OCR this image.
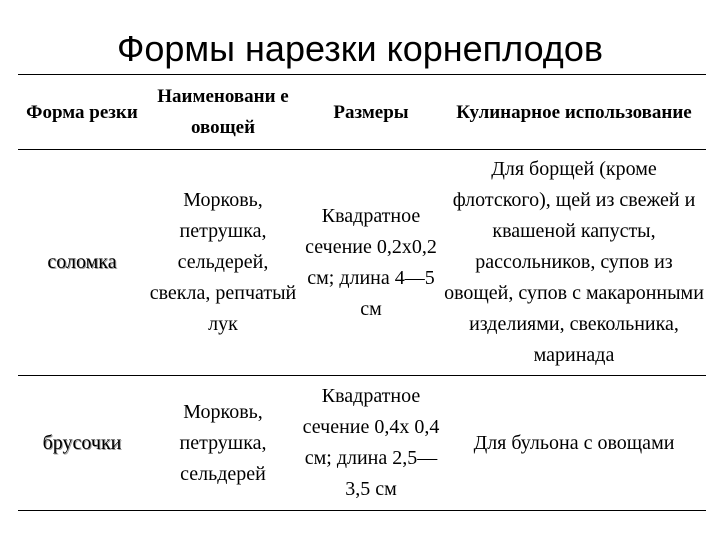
Формы нарезки корнеплодов
Форма резки	Наименовани е овощей	Размеры	Кулинарное использование
соломка	Морковь, петрушка, сельдерей, свекла, репчатый лук	Квадратное сечение 0,2х0,2 см; длина 4—5 см	Для борщей (кроме флотского), щей из свежей и квашеной капусты, рассольников, супов из овощей, супов с макаронными изделиями, свекольника, маринада
брусочки	Морковь, петрушка, сельдерей	Квадратное сечение 0,4х 0,4 см; длина 2,5—3,5 см	Для бульона с овощами
